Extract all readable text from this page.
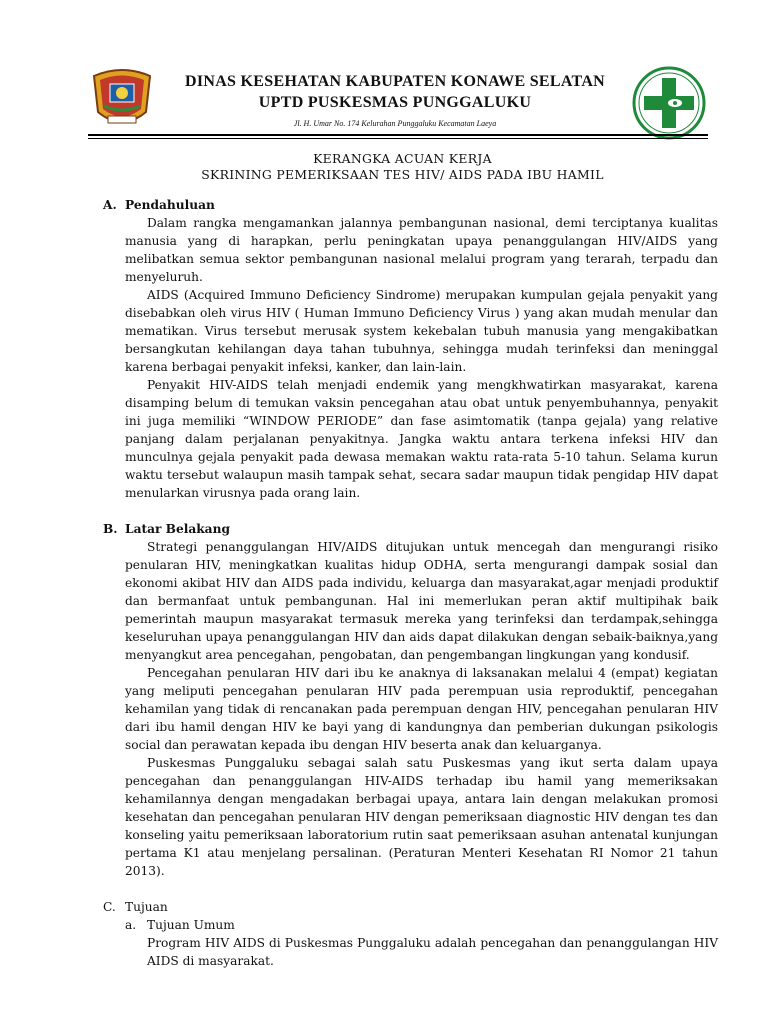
DINAS KESEHATAN KABUPATEN KONAWE SELATAN
UPTD PUSKESMAS PUNGGALUKU
Jl. H. Umar No. 174 Kelurahan Punggaluku Kecamatan Laeya
KERANGKA ACUAN KERJA
SKRINING PEMERIKSAAN TES HIV/ AIDS PADA IBU HAMIL
A. Pendahuluan
Dalam rangka mengamankan jalannya pembangunan nasional, demi terciptanya kualitas manusia yang di harapkan, perlu peningkatan upaya penanggulangan HIV/AIDS yang melibatkan semua sektor pembangunan nasional melalui program yang terarah, terpadu dan menyeluruh.
AIDS (Acquired Immuno Deficiency Sindrome) merupakan kumpulan gejala penyakit yang disebabkan oleh virus HIV ( Human Immuno Deficiency Virus ) yang akan mudah menular dan mematikan. Virus tersebut merusak system kekebalan tubuh manusia yang mengakibatkan bersangkutan kehilangan daya tahan tubuhnya, sehingga mudah terinfeksi dan meninggal karena berbagai penyakit infeksi, kanker, dan lain-lain.
Penyakit HIV-AIDS telah menjadi endemik yang mengkhwatirkan masyarakat, karena disamping belum di temukan vaksin pencegahan atau obat untuk penyembuhannya, penyakit ini juga memiliki “WINDOW PERIODE” dan fase asimtomatik (tanpa gejala) yang relative panjang dalam perjalanan penyakitnya. Jangka waktu antara terkena infeksi HIV dan munculnya gejala penyakit pada dewasa memakan waktu rata-rata 5-10 tahun. Selama kurun waktu tersebut walaupun masih tampak sehat, secara sadar maupun tidak pengidap HIV dapat menularkan virusnya pada orang lain.
B. Latar Belakang
Strategi penanggulangan HIV/AIDS ditujukan untuk mencegah dan mengurangi risiko penularan HIV, meningkatkan kualitas hidup ODHA, serta mengurangi dampak sosial dan ekonomi akibat HIV dan AIDS pada individu, keluarga dan masyarakat,agar menjadi produktif dan bermanfaat untuk pembangunan. Hal ini memerlukan peran aktif multipihak baik pemerintah maupun masyarakat termasuk mereka yang terinfeksi dan terdampak,sehingga keseluruhan upaya penanggulangan HIV dan aids dapat dilakukan dengan sebaik-baiknya,yang menyangkut area pencegahan, pengobatan, dan pengembangan lingkungan yang kondusif.
Pencegahan penularan HIV dari ibu ke anaknya di laksanakan melalui 4 (empat) kegiatan yang meliputi pencegahan penularan HIV pada perempuan usia reproduktif, pencegahan kehamilan yang tidak di rencanakan pada perempuan dengan HIV, pencegahan penularan HIV dari ibu hamil dengan HIV ke bayi yang di kandungnya dan pemberian dukungan psikologis social dan perawatan kepada ibu dengan HIV beserta anak dan keluarganya.
Puskesmas Punggaluku sebagai salah satu Puskesmas yang ikut serta dalam upaya pencegahan dan penanggulangan HIV-AIDS terhadap ibu hamil yang memeriksakan kehamilannya dengan mengadakan berbagai upaya, antara lain dengan melakukan promosi kesehatan dan pencegahan penularan HIV dengan pemeriksaan diagnostic HIV dengan tes dan konseling yaitu pemeriksaan laboratorium rutin saat pemeriksaan asuhan antenatal kunjungan pertama K1 atau menjelang persalinan. (Peraturan Menteri Kesehatan RI Nomor 21 tahun 2013).
C. Tujuan
a. Tujuan Umum
Program HIV AIDS di Puskesmas Punggaluku adalah pencegahan dan penanggulangan HIV AIDS di masyarakat.
